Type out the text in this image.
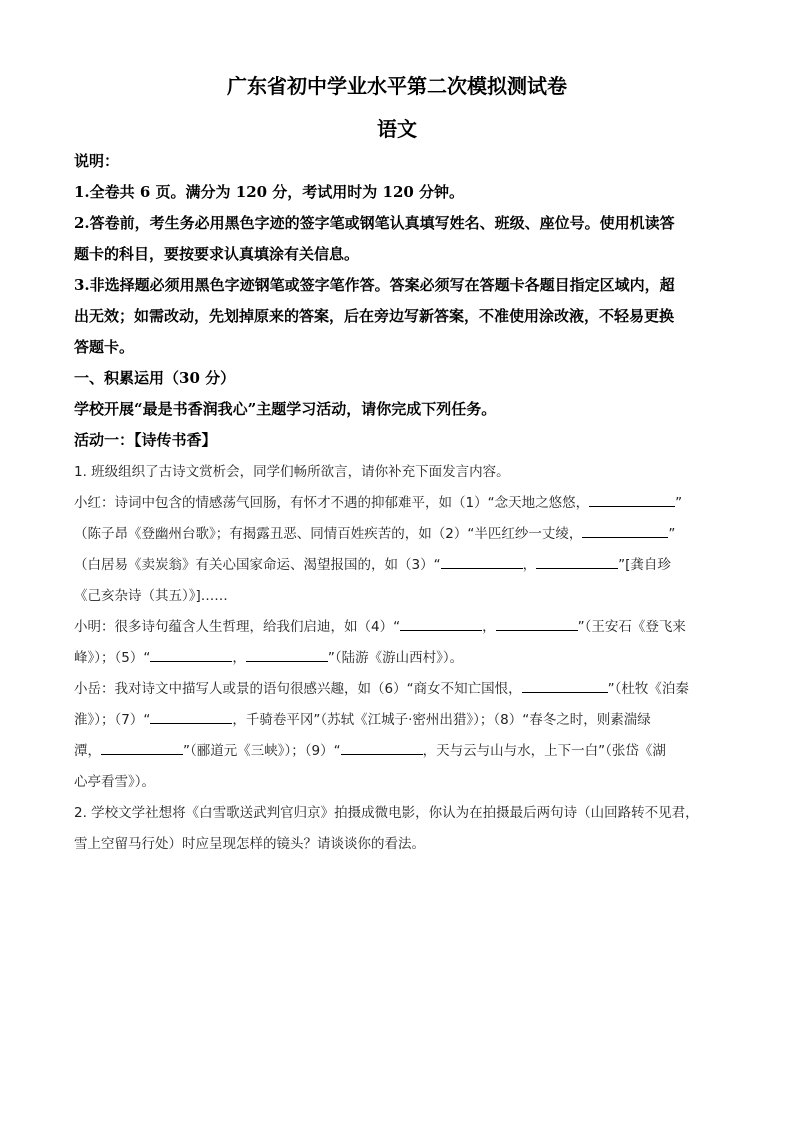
广东省初中学业水平第二次模拟测试卷
语文
说明：
1.全卷共 6 页。满分为 120 分，考试用时为 120 分钟。
2.答卷前，考生务必用黑色字迹的签字笔或钢笔认真填写姓名、班级、座位号。使用机读答
题卡的科目，要按要求认真填涂有关信息。
3.非选择题必须用黑色字迹钢笔或签字笔作答。答案必须写在答题卡各题目指定区域内，超
出无效；如需改动，先划掉原来的答案，后在旁边写新答案，不准使用涂改液，不轻易更换
答题卡。
一、积累运用（30 分）
学校开展“最是书香润我心”主题学习活动，请你完成下列任务。
活动一：【诗传书香】
1. 班级组织了古诗文赏析会，同学们畅所欲言，请你补充下面发言内容。
小红：诗词中包含的情感荡气回肠，有怀才不遇的抑郁难平，如（1）“念天地之悠悠，	”
（陈子昂《登幽州台歌》；有揭露丑恶、同情百姓疾苦的，如（2）“半匹红纱一丈绫，	”
（白居易《卖炭翁》有关心国家命运、渴望报国的，如（3）“	，	”[龚自珍
《己亥杂诗（其五）》]……
小明：很多诗句蕴含人生哲理，给我们启迪，如（4）“	，	”（王安石《登飞来
峰》）；（5）“	，	”（陆游《游山西村》）。
小岳：我对诗文中描写人或景的语句很感兴趣，如（6）“商女不知亡国恨，	”（杜牧《泊秦
淮》）；（7）“	，千骑卷平冈”（苏轼《江城子·密州出猎》）；（8）“春冬之时，则素湍绿
潭，	”（郦道元《三峡》）；（9）“	，天与云与山与水，上下一白”（张岱《湖
心亭看雪》）。
2. 学校文学社想将《白雪歌送武判官归京》拍摄成微电影，你认为在拍摄最后两句诗（山回路转不见君，
雪上空留马行处）时应呈现怎样的镜头？请谈谈你的看法。
